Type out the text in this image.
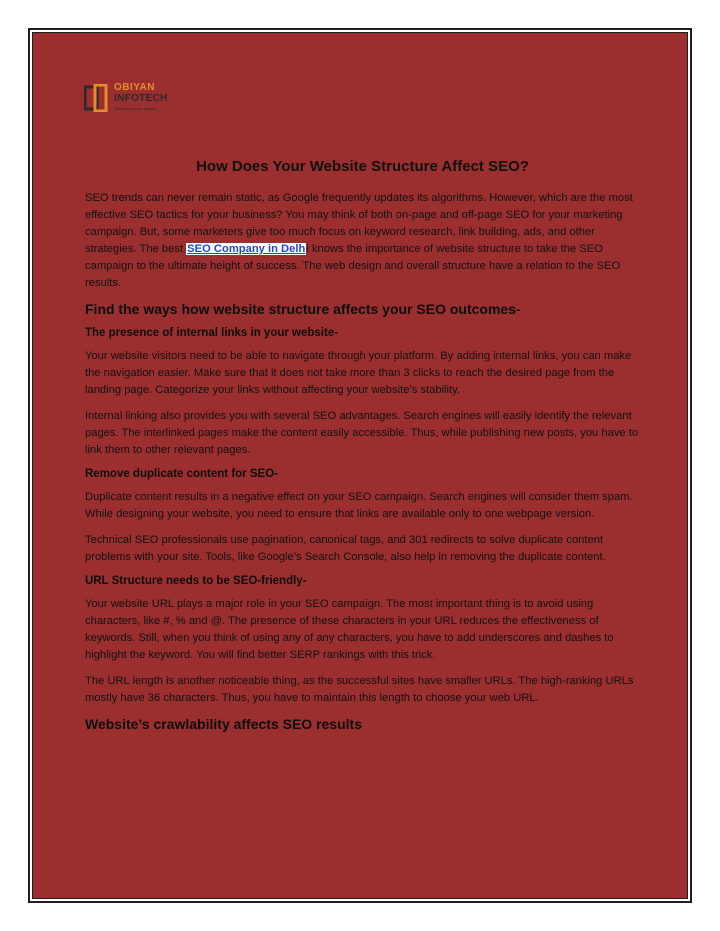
OBIYAN
INFOTECH
We nurture your growth
How Does Your Website Structure Affect SEO?

SEO trends can never remain static, as Google frequently updates its algorithms. However, which are the most effective SEO tactics for your business? You may think of both on-page and off-page SEO for your marketing campaign. But, some marketers give too much focus on keyword research, link building, ads, and other strategies. The best SEO Company in Delhi knows the importance of website structure to take the SEO campaign to the ultimate height of success. The web design and overall structure have a relation to the SEO results.

Find the ways how website structure affects your SEO outcomes-
The presence of internal links in your website-

Your website visitors need to be able to navigate through your platform. By adding internal links, you can make the navigation easier. Make sure that it does not take more than 3 clicks to reach the desired page from the landing page. Categorize your links without affecting your website’s stability.

Internal linking also provides you with several SEO advantages. Search engines will easily identify the relevant pages. The interlinked pages make the content easily accessible. Thus, while publishing new posts, you have to link them to other relevant pages.

Remove duplicate content for SEO-

Duplicate content results in a negative effect on your SEO campaign. Search engines will consider them spam. While designing your website, you need to ensure that links are available only to one webpage version.

Technical SEO professionals use pagination, canonical tags, and 301 redirects to solve duplicate content problems with your site. Tools, like Google’s Search Console, also help in removing the duplicate content.

URL Structure needs to be SEO-friendly-

Your website URL plays a major role in your SEO campaign. The most important thing is to avoid using characters, like #, % and @. The presence of these characters in your URL reduces the effectiveness of keywords. Still, when you think of using any of any characters, you have to add underscores and dashes to highlight the keyword. You will find better SERP rankings with this trick.

The URL length is another noticeable thing, as the successful sites have smaller URLs. The high-ranking URLs mostly have 36 characters. Thus, you have to maintain this length to choose your web URL.

Website’s crawlability affects SEO results
